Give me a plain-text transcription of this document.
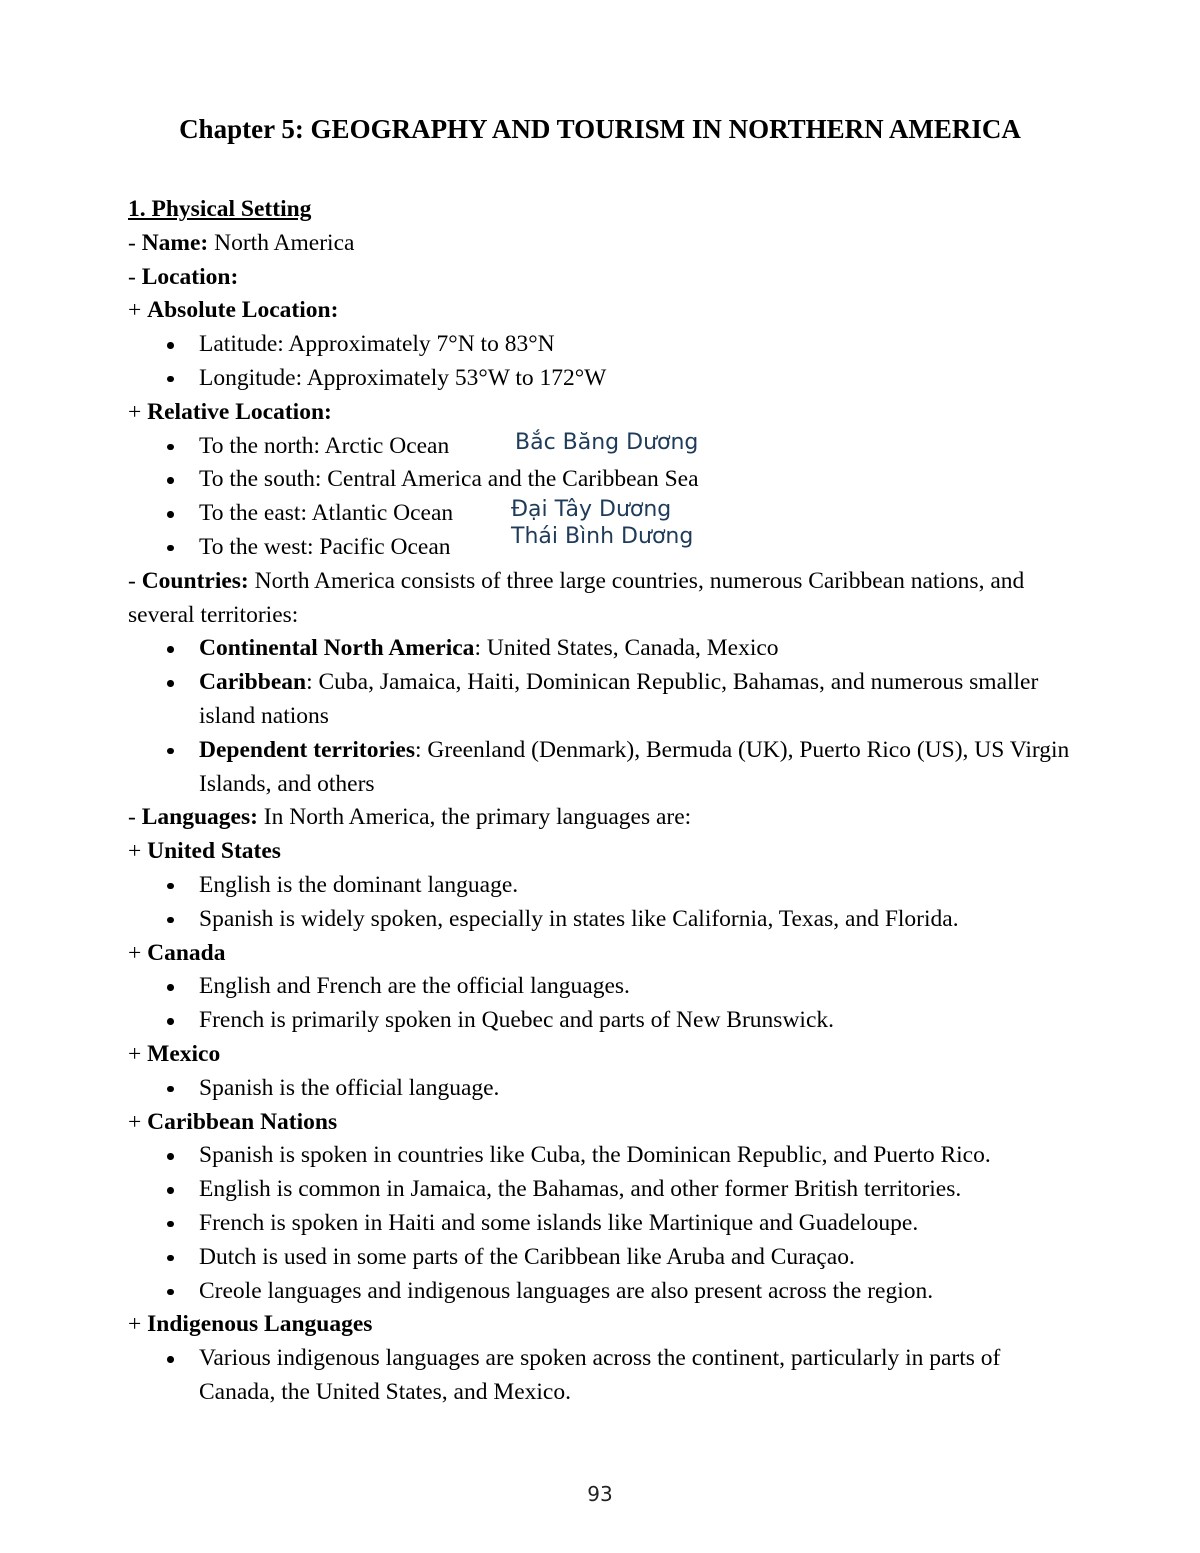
Chapter 5: GEOGRAPHY AND TOURISM IN NORTHERN AMERICA
1. Physical Setting
- Name: North America
- Location:
+ Absolute Location:
Latitude: Approximately 7°N to 83°N
Longitude: Approximately 53°W to 172°W
+ Relative Location:
To the north: Arctic Ocean
To the south: Central America and the Caribbean Sea
To the east: Atlantic Ocean
To the west: Pacific Ocean
- Countries: North America consists of three large countries, numerous Caribbean nations, and several territories:
Continental North America: United States, Canada, Mexico
Caribbean: Cuba, Jamaica, Haiti, Dominican Republic, Bahamas, and numerous smaller island nations
Dependent territories: Greenland (Denmark), Bermuda (UK), Puerto Rico (US), US Virgin Islands, and others
- Languages: In North America, the primary languages are:
+ United States
English is the dominant language.
Spanish is widely spoken, especially in states like California, Texas, and Florida.
+ Canada
English and French are the official languages.
French is primarily spoken in Quebec and parts of New Brunswick.
+ Mexico
Spanish is the official language.
+ Caribbean Nations
Spanish is spoken in countries like Cuba, the Dominican Republic, and Puerto Rico.
English is common in Jamaica, the Bahamas, and other former British territories.
French is spoken in Haiti and some islands like Martinique and Guadeloupe.
Dutch is used in some parts of the Caribbean like Aruba and Curaçao.
Creole languages and indigenous languages are also present across the region.
+ Indigenous Languages
Various indigenous languages are spoken across the continent, particularly in parts of Canada, the United States, and Mexico.
Bắc Băng Dương
Đại Tây Dương
Thái Bình Dương
93
